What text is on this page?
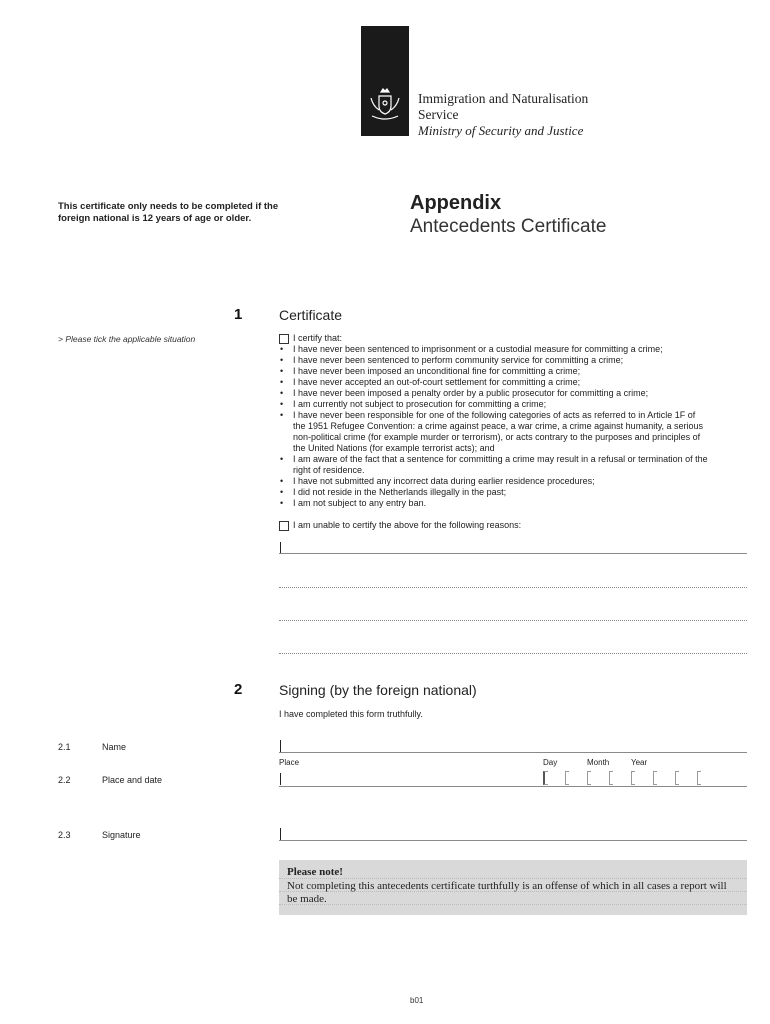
Immigration and Naturalisation
Service
Ministry of Security and Justice
This certificate only needs to be completed if the foreign national is 12 years of age or older.
Appendix
Antecedents Certificate
1	Certificate
> Please tick the applicable situation	I certify that:
• I have never been sentenced to imprisonment or a custodial measure for committing a crime;
• I have never been sentenced to perform community service for committing a crime;
• I have never been imposed an unconditional fine for committing a crime;
• I have never accepted an out-of-court settlement for committing a crime;
• I have never been imposed a penalty order by a public prosecutor for committing a crime;
• I am currently not subject to prosecution for committing a crime;
• I have never been responsible for one of the following categories of acts as referred to in Article 1F of
the 1951 Refugee Convention: a crime against peace, a war crime, a crime against humanity, a serious
non-political crime (for example murder or terrorism), or acts contrary to the purposes and principles of
the United Nations (for example terrorist acts); and
• I am aware of the fact that a sentence for committing a crime may result in a refusal or termination of the
right of residence.
• I have not submitted any incorrect data during earlier residence procedures;
• I did not reside in the Netherlands illegally in the past;
• I am not subject to any entry ban.
I am unable to certify the above for the following reasons:
2	Signing (by the foreign national)
I have completed this form truthfully.
2.1	Name
Place	Day	Month	Year
2.2	Place and date
2.3	Signature
Please note!
Not completing this antecedents certificate turthfully is an offense of which in all cases a report will be made.
b01
